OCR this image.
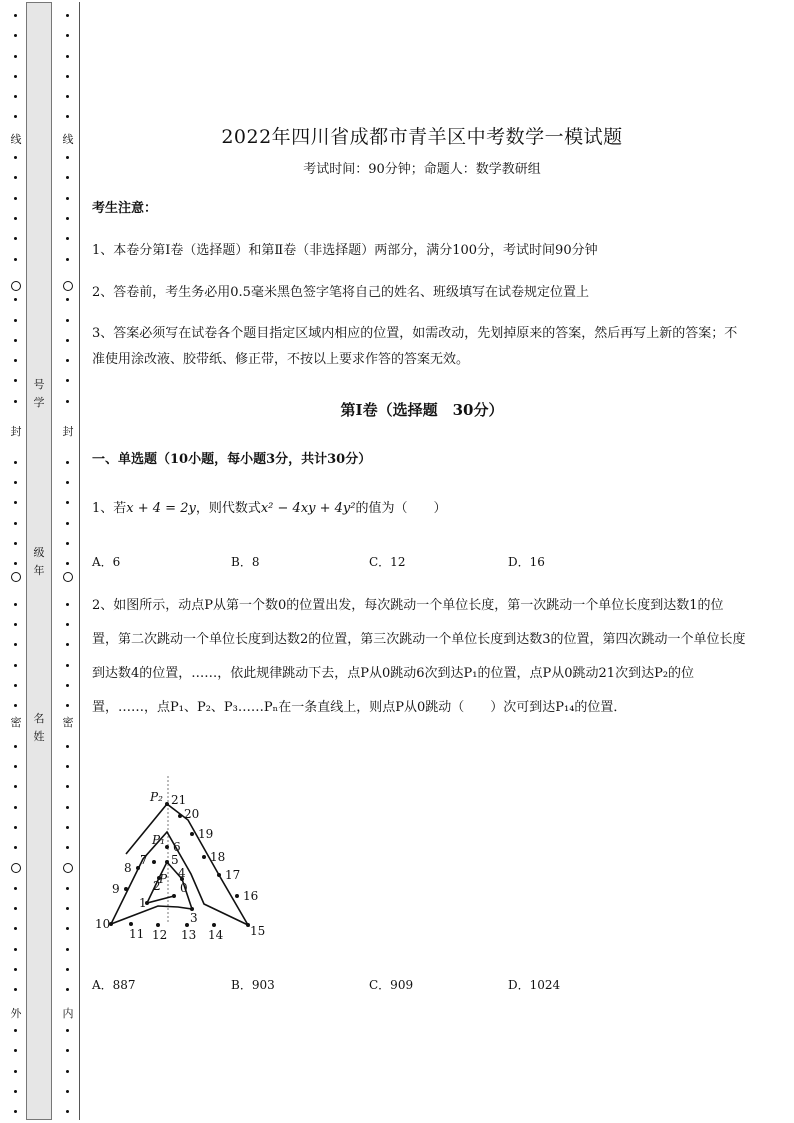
线
封
密
外
线
封
密
内
号学
级年
名姓
2022年四川省成都市青羊区中考数学一模试题
考试时间：90分钟；命题人：数学教研组
考生注意：
1、本卷分第Ⅰ卷（选择题）和第Ⅱ卷（非选择题）两部分，满分100分，考试时间90分钟
2、答卷前，考生务必用0.5毫米黑色签字笔将自己的姓名、班级填写在试卷规定位置上
3、答案必须写在试卷各个题目指定区域内相应的位置，如需改动，先划掉原来的答案，然后再写上新的答案；不准使用涂改液、胶带纸、修正带，不按以上要求作答的答案无效。
第Ⅰ卷（选择题　30分）
一、单选题（10小题，每小题3分，共计30分）
1、若x + 4 = 2y，则代数式x² − 4xy + 4y²的值为（　　）
A．6	B．8	C．12	D．16
2、如图所示，动点P从第一个数0的位置出发，每次跳动一个单位长度，第一次跳动一个单位长度到达数1的位置，第二次跳动一个单位长度到达数2的位置，第三次跳动一个单位长度到达数3的位置，第四次跳动一个单位长度到达数4的位置，……，依此规律跳动下去，点P从0跳动6次到达P₁的位置，点P从0跳动21次到达P₂的位置，……，点P₁、P₂、P₃……Pₙ在一条直线上，则点P从0跳动（　　）次可到达P₁₄的位置．
A．887	B．903	C．909	D．1024
0
1
2
3
4
5
6
7
8
9
10
11 12 13 14 15
16
17
18
19
20
21
P₂
P₁
P
